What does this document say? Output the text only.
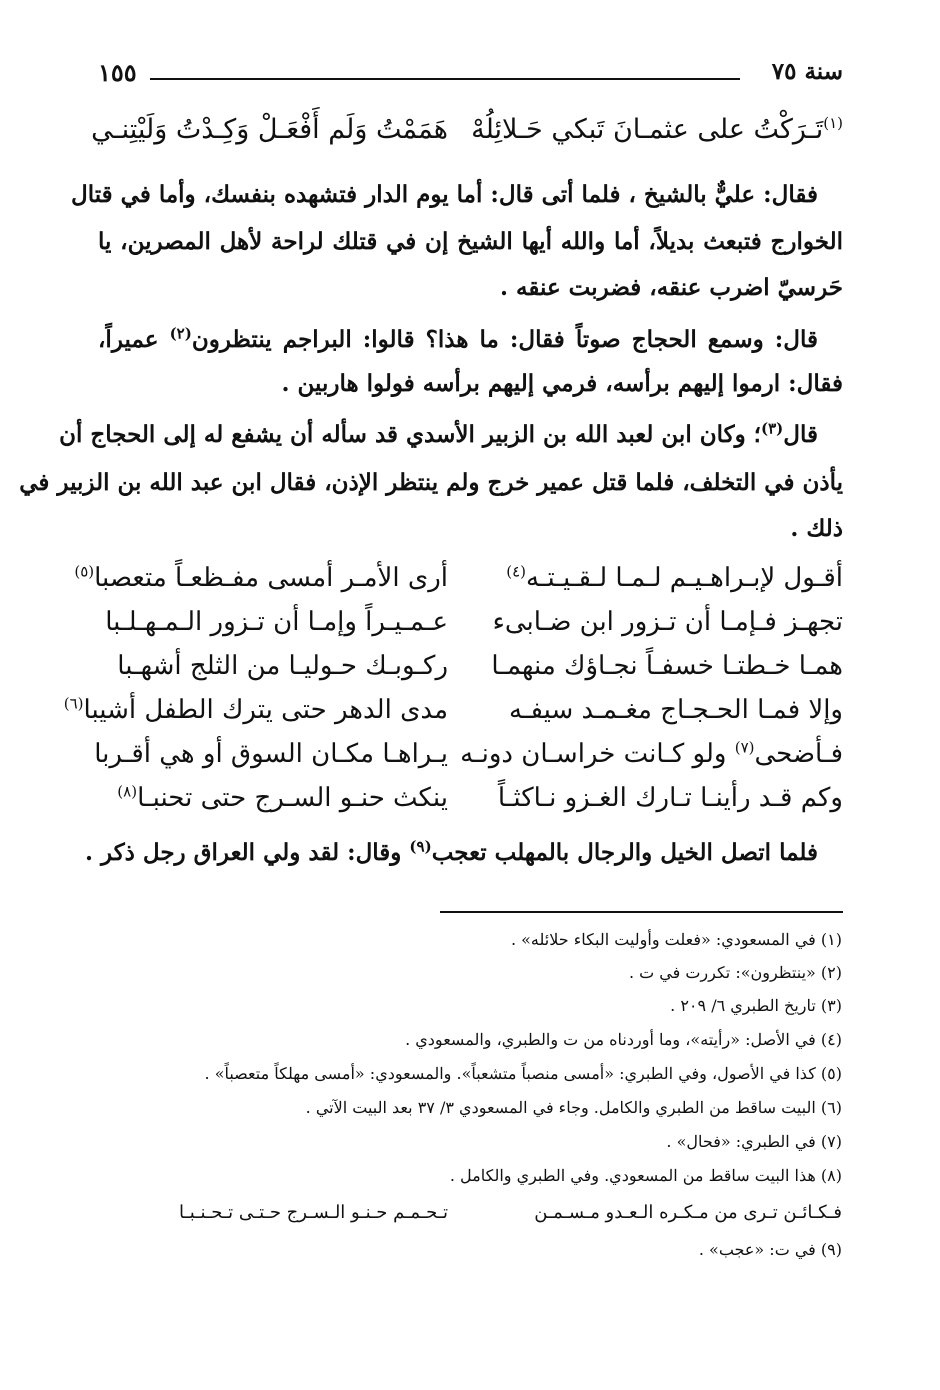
سنة ٧٥
١٥٥
$^{(١)}$تَـرَكْتُ على عثمـانَ تَبكي حَـلائِلُهْ
هَمَمْتُ وَلَم أَفْعَـلْ وَكِـدْتُ وَلَيْتِنـي
فقال: عليٌّ بالشيخ ، فلما أتى قال: أما يوم الدار فتشهده بنفسك، وأما في قتال
الخوارج فتبعث بديلاً، أما والله أيها الشيخ إن في قتلك لراحة لأهل المصرين، يا
حَرسيّ اضرب عنقه، فضربت عنقه .
قال: وسمع الحجاج صوتاً فقال: ما هذا؟ قالوا: البراجم ينتظرون$^{(٢)}$ عميراً،
فقال: ارموا إليهم برأسه، فرمي إليهم برأسه فولوا هاربين .
قال$^{(٣)}$؛ وكان ابن لعبد الله بن الزبير الأسدي قد سأله أن يشفع له إلى الحجاج أن
يأذن في التخلف، فلما قتل عمير خرج ولم ينتظر الإذن، فقال ابن عبد الله بن الزبير في
ذلك .
أقـول لإبـراهـيـم لـمـا لـقـيـتـه$^{(٤)}$
أرى الأمـر أمسى مفـظعـاً متعصبا$^{(٥)}$
تجهـز فـإمـا أن تـزور ابن ضـابىء
عـمـيـراً وإمـا أن تـزور الـمـهـلـبا
همـا خـطتـا خسفـاً نجـاؤك منهمـا
ركـوبـك حـوليـا من الثلج أشهـبا
وإلا فمـا الحـجـاج مغـمـد سيفـه
مدى الدهر حتى يترك الطفل أشيبا$^{(٦)}$
فـأضحى$^{(٧)}$ ولو كـانت خراسـان دونـه
يـراهـا مكـان السوق أو هي أقـربا
وكم قـد رأينـا تـارك الغـزو نـاكثـاً
ينكث حنـو السـرج حتى تحنبـا$^{(٨)}$
فلما اتصل الخيل والرجال بالمهلب تعجب$^{(٩)}$ وقال: لقد ولي العراق رجل ذكر .
(١) في المسعودي: «فعلت وأوليت البكاء حلائله» .
(٢) «ينتظرون»: تكررت في ت .
(٣) تاريخ الطبري ٦/ ٢٠٩ .
(٤) في الأصل: «رأيته»، وما أوردناه من ت والطبري، والمسعودي .
(٥) كذا في الأصول، وفي الطبري: «أمسى منصباً متشعباً». والمسعودي: «أمسى مهلكاً متعصباً» .
(٦) البيت ساقط من الطبري والكامل. وجاء في المسعودي ٣/ ٣٧ بعد البيت الآتي .
(٧) في الطبري: «فحال» .
(٨) هذا البيت ساقط من المسعودي. وفي الطبري والكامل .
فـكـائـن تـرى من مـكـره الـعـدو مـسـمـن
تـحـمـم حـنـو الـسـرج حـتـى تـحـنـبـا
(٩) في ت: «عجب» .
